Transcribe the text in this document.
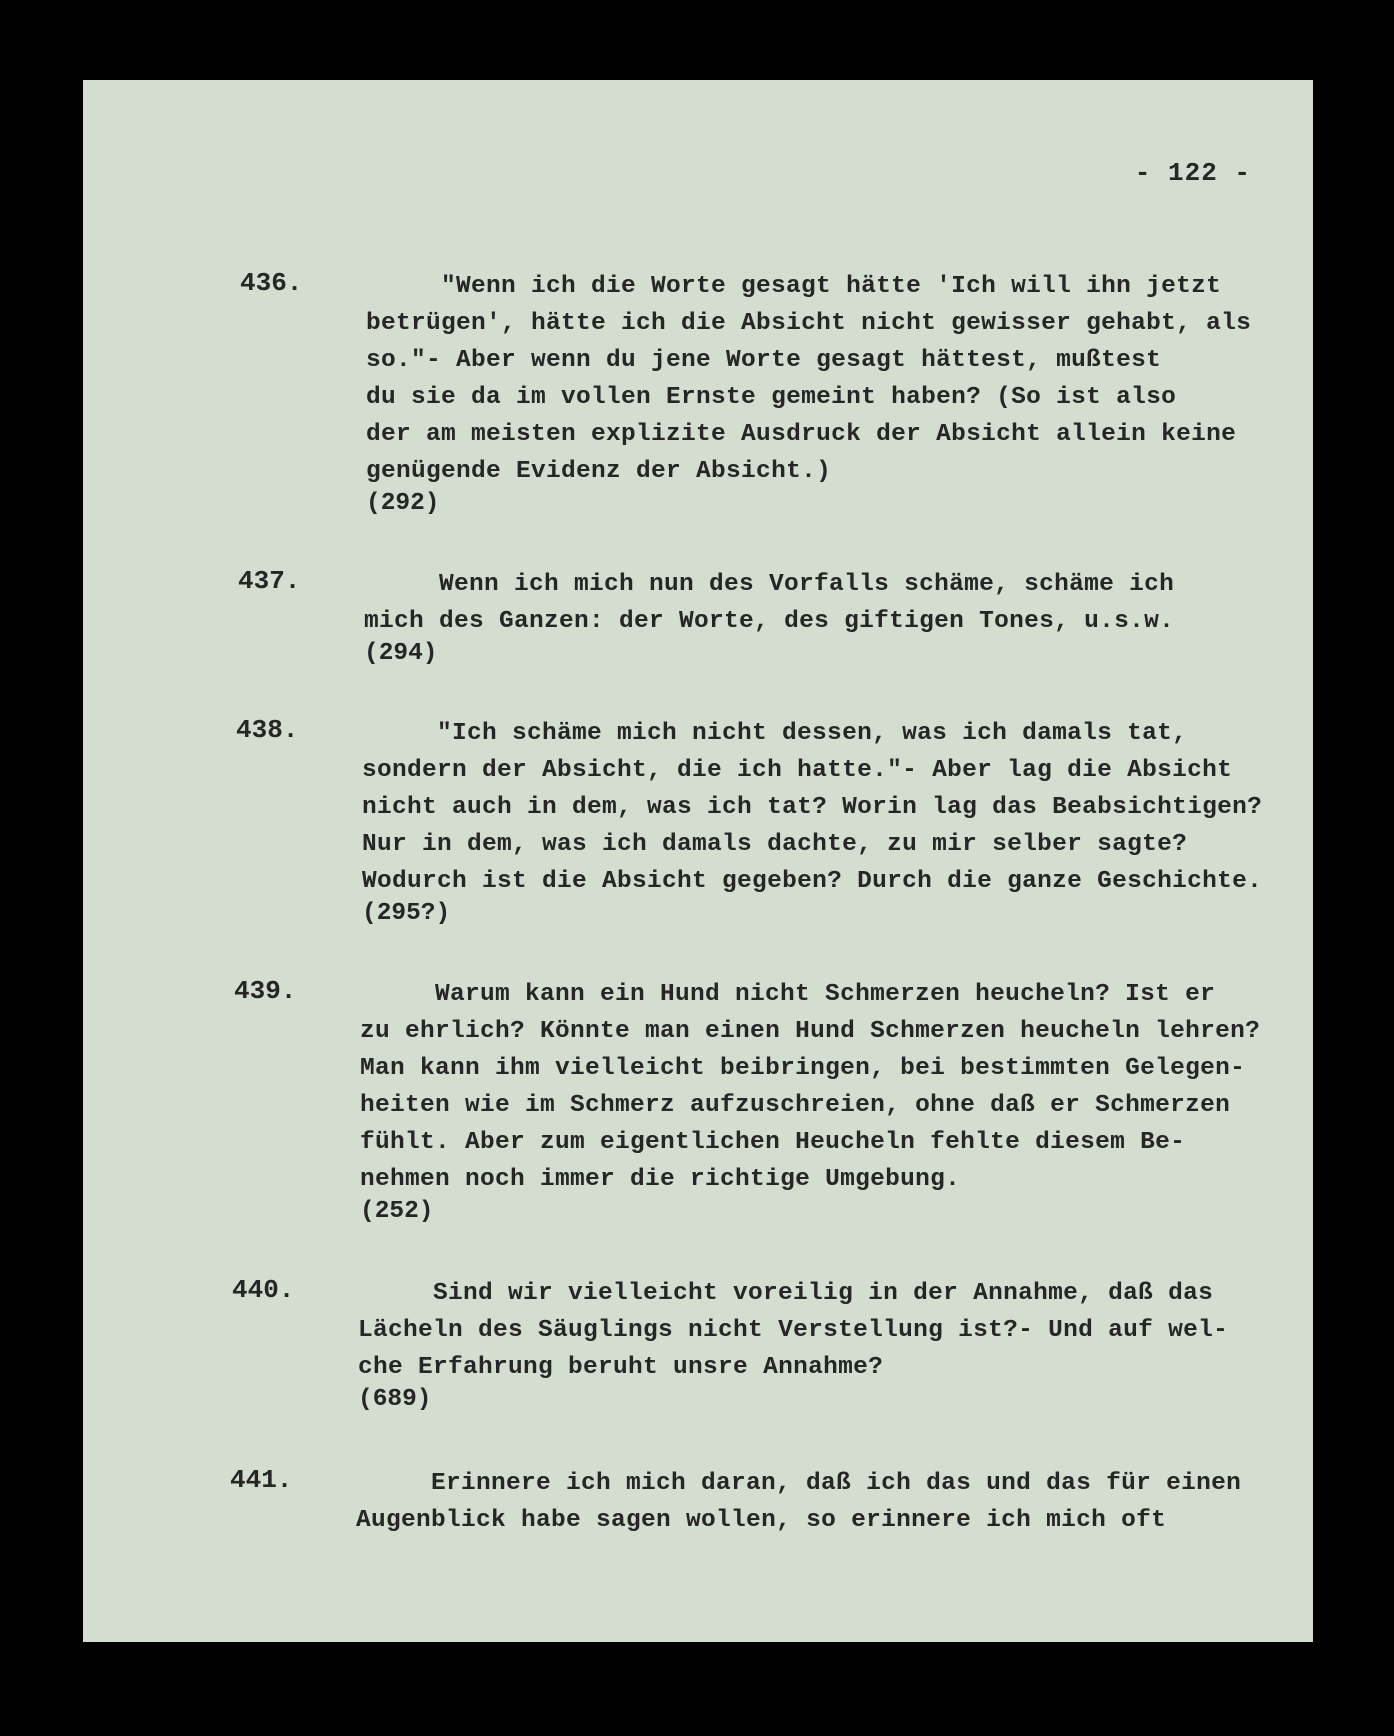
- 122 -
436.	"Wenn ich die Worte gesagt hätte 'Ich will ihn jetzt
betrügen', hätte ich die Absicht nicht gewisser gehabt, als
so."- Aber wenn du jene Worte gesagt hättest, mußtest
du sie da im vollen Ernste gemeint haben? (So ist also
der am meisten explizite Ausdruck der Absicht allein keine
genügende Evidenz der Absicht.)
(292)
437.	Wenn ich mich nun des Vorfalls schäme, schäme ich
mich des Ganzen: der Worte, des giftigen Tones, u.s.w.
(294)
438.	"Ich schäme mich nicht dessen, was ich damals tat,
sondern der Absicht, die ich hatte."- Aber lag die Absicht
nicht auch in dem, was ich tat? Worin lag das Beabsichtigen?
Nur in dem, was ich damals dachte, zu mir selber sagte?
Wodurch ist die Absicht gegeben? Durch die ganze Geschichte.
(295?)
439.	Warum kann ein Hund nicht Schmerzen heucheln? Ist er
zu ehrlich? Könnte man einen Hund Schmerzen heucheln lehren?
Man kann ihm vielleicht beibringen, bei bestimmten Gelegen-
heiten wie im Schmerz aufzuschreien, ohne daß er Schmerzen
fühlt. Aber zum eigentlichen Heucheln fehlte diesem Be-
nehmen noch immer die richtige Umgebung.
(252)
440.	Sind wir vielleicht voreilig in der Annahme, daß das
Lächeln des Säuglings nicht Verstellung ist?- Und auf wel-
che Erfahrung beruht unsre Annahme?
(689)
441.	Erinnere ich mich daran, daß ich das und das für einen
Augenblick habe sagen wollen, so erinnere ich mich oft
